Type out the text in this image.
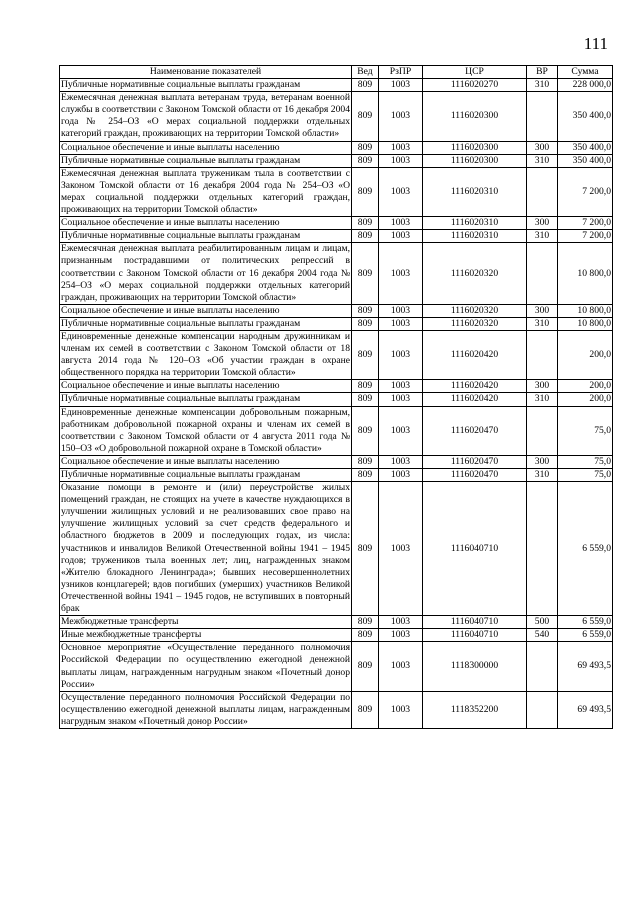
111
Наименование показателей	Вед	РзПР	ЦСР	ВР	Сумма
Публичные нормативные социальные выплаты гражданам	809	1003	1116020270	310	228 000,0
Ежемесячная денежная выплата ветеранам труда, ветеранам военной службы в соответствии с Законом Томской области от 16 декабря 2004 года № 254–ОЗ «О мерах социальной поддержки отдельных категорий граждан, проживающих на территории Томской области»	809	1003	1116020300		350 400,0
Социальное обеспечение и иные выплаты населению	809	1003	1116020300	300	350 400,0
Публичные нормативные социальные выплаты гражданам	809	1003	1116020300	310	350 400,0
Ежемесячная денежная выплата труженикам тыла в соответствии с Законом Томской области от 16 декабря 2004 года № 254–ОЗ «О мерах социальной поддержки отдельных категорий граждан, проживающих на территории Томской области»	809	1003	1116020310		7 200,0
Социальное обеспечение и иные выплаты населению	809	1003	1116020310	300	7 200,0
Публичные нормативные социальные выплаты гражданам	809	1003	1116020310	310	7 200,0
Ежемесячная денежная выплата реабилитированным лицам и лицам, признанным пострадавшими от политических репрессий в соответствии с Законом Томской области от 16 декабря 2004 года № 254–ОЗ «О мерах социальной поддержки отдельных категорий граждан, проживающих на территории Томской области»	809	1003	1116020320		10 800,0
Социальное обеспечение и иные выплаты населению	809	1003	1116020320	300	10 800,0
Публичные нормативные социальные выплаты гражданам	809	1003	1116020320	310	10 800,0
Единовременные денежные компенсации народным дружинникам и членам их семей в соответствии с Законом Томской области от 18 августа 2014 года № 120–ОЗ «Об участии граждан в охране общественного порядка на территории Томской области»	809	1003	1116020420		200,0
Социальное обеспечение и иные выплаты населению	809	1003	1116020420	300	200,0
Публичные нормативные социальные выплаты гражданам	809	1003	1116020420	310	200,0
Единовременные денежные компенсации добровольным пожарным, работникам добровольной пожарной охраны и членам их семей в соответствии с Законом Томской области от 4 августа 2011 года № 150–ОЗ «О добровольной пожарной охране в Томской области»	809	1003	1116020470		75,0
Социальное обеспечение и иные выплаты населению	809	1003	1116020470	300	75,0
Публичные нормативные социальные выплаты гражданам	809	1003	1116020470	310	75,0
Оказание помощи в ремонте и (или) переустройстве жилых помещений граждан, не стоящих на учете в качестве нуждающихся в улучшении жилищных условий и не реализовавших свое право на улучшение жилищных условий за счет средств федерального и областного бюджетов в 2009 и последующих годах, из числа: участников и инвалидов Великой Отечественной войны 1941 – 1945 годов; тружеников тыла военных лет; лиц, награжденных знаком «Жителю блокадного Ленинграда»; бывших несовершеннолетних узников концлагерей; вдов погибших (умерших) участников Великой Отечественной войны 1941 – 1945 годов, не вступивших в повторный брак	809	1003	1116040710		6 559,0
Межбюджетные трансферты	809	1003	1116040710	500	6 559,0
Иные межбюджетные трансферты	809	1003	1116040710	540	6 559,0
Основное мероприятие «Осуществление переданного полномочия Российской Федерации по осуществлению ежегодной денежной выплаты лицам, награжденным нагрудным знаком «Почетный донор России»	809	1003	1118300000		69 493,5
Осуществление переданного полномочия Российской Федерации по осуществлению ежегодной денежной выплаты лицам, награжденным нагрудным знаком «Почетный донор России»	809	1003	1118352200		69 493,5
